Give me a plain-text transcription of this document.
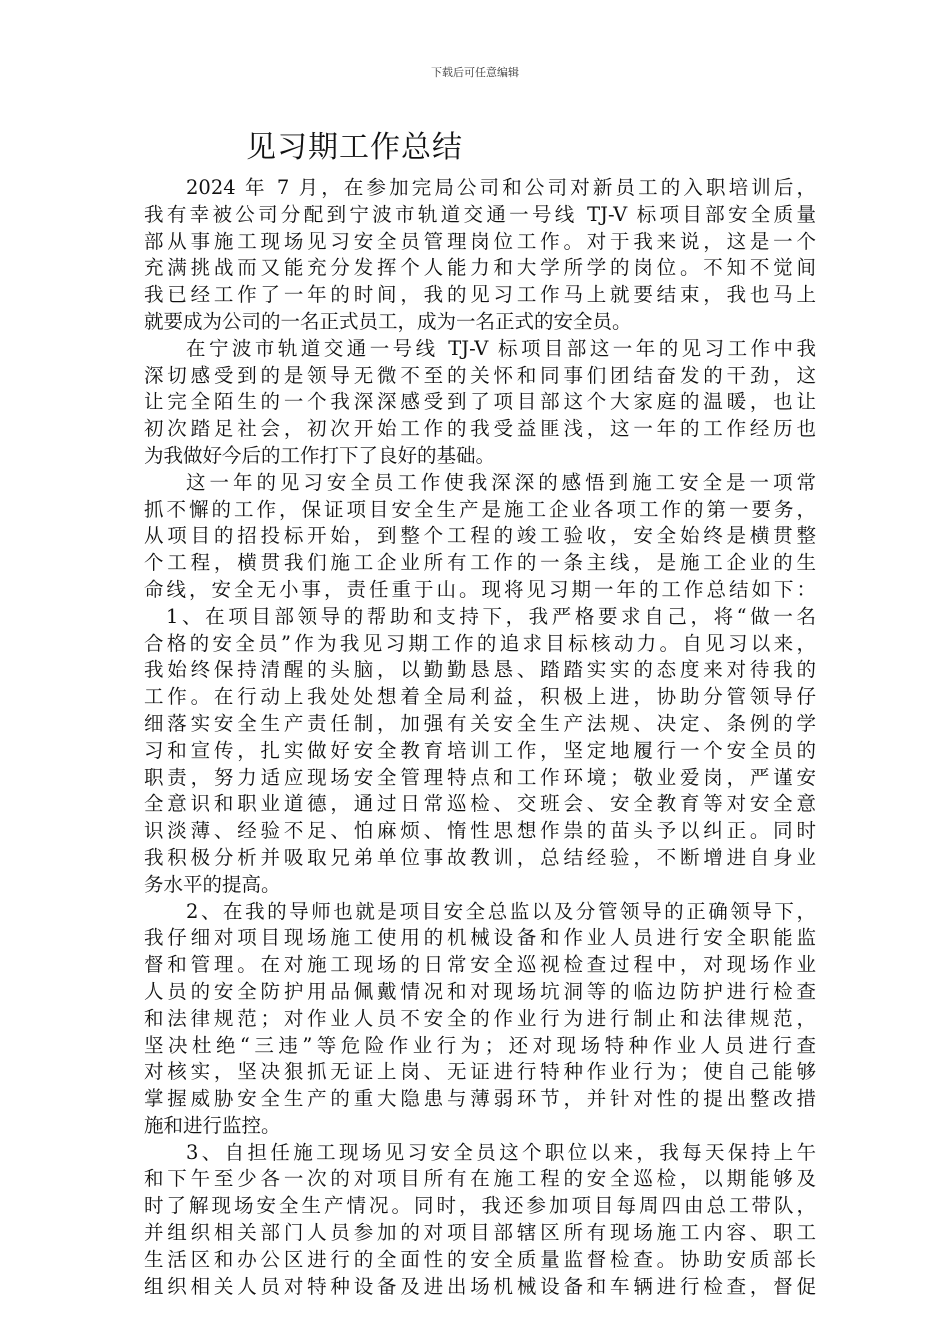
下载后可任意编辑
见习期工作总结
2024 年 7 月，在参加完局公司和公司对新员工的入职培训后，
我有幸被公司分配到宁波市轨道交通一号线 TJ-V 标项目部安全质量
部从事施工现场见习安全员管理岗位工作。对于我来说，这是一个
充满挑战而又能充分发挥个人能力和大学所学的岗位。不知不觉间
我已经工作了一年的时间，我的见习工作马上就要结束，我也马上
就要成为公司的一名正式员工，成为一名正式的安全员。
在宁波市轨道交通一号线 TJ-V 标项目部这一年的见习工作中我
深切感受到的是领导无微不至的关怀和同事们团结奋发的干劲，这
让完全陌生的一个我深深感受到了项目部这个大家庭的温暖，也让
初次踏足社会，初次开始工作的我受益匪浅，这一年的工作经历也
为我做好今后的工作打下了良好的基础。
这一年的见习安全员工作使我深深的感悟到施工安全是一项常
抓不懈的工作，保证项目安全生产是施工企业各项工作的第一要务，
从项目的招投标开始，到整个工程的竣工验收，安全始终是横贯整
个工程，横贯我们施工企业所有工作的一条主线，是施工企业的生
命线，安全无小事，责任重于山。现将见习期一年的工作总结如下：
1、在项目部领导的帮助和支持下，我严格要求自己，将“做一名
合格的安全员”作为我见习期工作的追求目标核动力。自见习以来，
我始终保持清醒的头脑，以勤勤恳恳、踏踏实实的态度来对待我的
工作。在行动上我处处想着全局利益，积极上进，协助分管领导仔
细落实安全生产责任制，加强有关安全生产法规、决定、条例的学
习和宣传，扎实做好安全教育培训工作，坚定地履行一个安全员的
职责，努力适应现场安全管理特点和工作环境；敬业爱岗，严谨安
全意识和职业道德，通过日常巡检、交班会、安全教育等对安全意
识淡薄、经验不足、怕麻烦、惰性思想作祟的苗头予以纠正。同时
我积极分析并吸取兄弟单位事故教训，总结经验，不断增进自身业
务水平的提高。
2、在我的导师也就是项目安全总监以及分管领导的正确领导下，
我仔细对项目现场施工使用的机械设备和作业人员进行安全职能监
督和管理。在对施工现场的日常安全巡视检查过程中，对现场作业
人员的安全防护用品佩戴情况和对现场坑洞等的临边防护进行检查
和法律规范；对作业人员不安全的作业行为进行制止和法律规范，
坚决杜绝“三违”等危险作业行为；还对现场特种作业人员进行查
对核实，坚决狠抓无证上岗、无证进行特种作业行为；使自己能够
掌握威胁安全生产的重大隐患与薄弱环节，并针对性的提出整改措
施和进行监控。
3、自担任施工现场见习安全员这个职位以来，我每天保持上午
和下午至少各一次的对项目所有在施工程的安全巡检，以期能够及
时了解现场安全生产情况。同时，我还参加项目每周四由总工带队，
并组织相关部门人员参加的对项目部辖区所有现场施工内容、职工
生活区和办公区进行的全面性的安全质量监督检查。协助安质部长
组织相关人员对特种设备及进出场机械设备和车辆进行检查，督促
